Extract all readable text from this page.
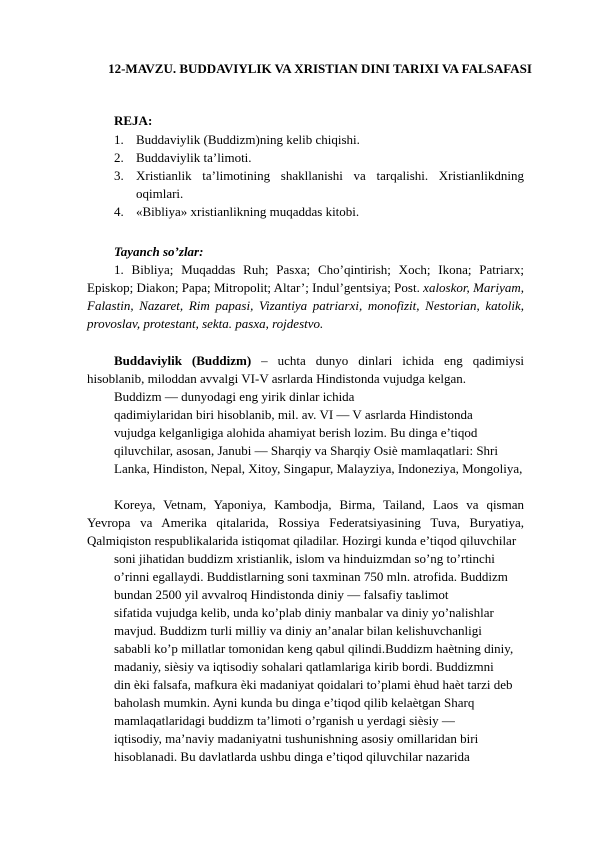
12-MAVZU. BUDDAVIYLIK VA XRISTIAN DINI TARIXI VA FALSAFASI
REJA:
1. Buddaviylik (Buddizm)ning kelib chiqishi.
2. Buddaviylik ta’limoti.
3. Xristianlik ta’limotining shakllanishi va tarqalishi. Xristianlikdning oqimlari.
4. «Bibliya» xristianlikning muqaddas kitobi.
Tayanch so’zlar:
1. Bibliya; Muqaddas Ruh; Pasxa; Cho’qintirish; Xoch; Ikona; Patriarx; Episkop; Diakon; Papa; Mitropolit; Altar’; Indul’gentsiya; Post. xaloskor, Mariyam, Falastin, Nazaret, Rim papasi, Vizantiya patriarxi, monofizit, Nestorian, katolik, provoslav, protestant, sekta. pasxa, rojdestvo.
Buddaviylik (Buddizm) – uchta dunyo dinlari ichida eng qadimiysi hisoblanib, miloddan avvalgi VI-V asrlarda Hindistonda vujudga kelgan.
Buddizm — dunyodagi eng yirik dinlar ichida
qadimiylaridan biri hisoblanib, mil. av. VI — V asrlarda Hindistonda
vujudga kelganligiga alohida ahamiyat berish lozim. Bu dinga e’tiqod
qiluvchilar, asosan, Janubi — Sharqiy va Sharqiy Osiè mamlaqatlari: Shri
Lanka, Hindiston, Nepal, Xitoy, Singapur, Malayziya, Indoneziya, Mongoliya,
Koreya, Vetnam, Yaponiya, Kambodja, Birma, Tailand, Laos va qisman Yevropa va Amerika qitalarida, Rossiya Federatsiyasining Tuva, Buryatiya, Qalmiqiston respublikalarida istiqomat qiladilar. Hozirgi kunda e’tiqod qiluvchilar
soni jihatidan buddizm xristianlik, islom va hinduizmdan so’ng to’rtinchi
o’rinni egallaydi. Buddistlarning soni taxminan 750 mln. atrofida. Buddizm
bundan 2500 yil avvalroq Hindistonda diniy — falsafiy taьlimot
sifatida vujudga kelib, unda ko’plab diniy manbalar va diniy yo’nalishlar
mavjud. Buddizm turli milliy va diniy an’analar bilan kelishuvchanligi
sababli ko’p millatlar tomonidan keng qabul qilindi.Buddizm haètning diniy,
madaniy, sièsiy va iqtisodiy sohalari qatlamlariga kirib bordi. Buddizmni
din èki falsafa, mafkura èki madaniyat qoidalari to’plami èhud haèt tarzi deb
baholash mumkin. Ayni kunda bu dinga e’tiqod qilib kelaètgan Sharq
mamlaqatlaridagi buddizm ta’limoti o’rganish u yerdagi sièsiy —
iqtisodiy, ma’naviy madaniyatni tushunishning asosiy omillaridan biri
hisoblanadi. Bu davlatlarda ushbu dinga e’tiqod qiluvchilar nazarida
